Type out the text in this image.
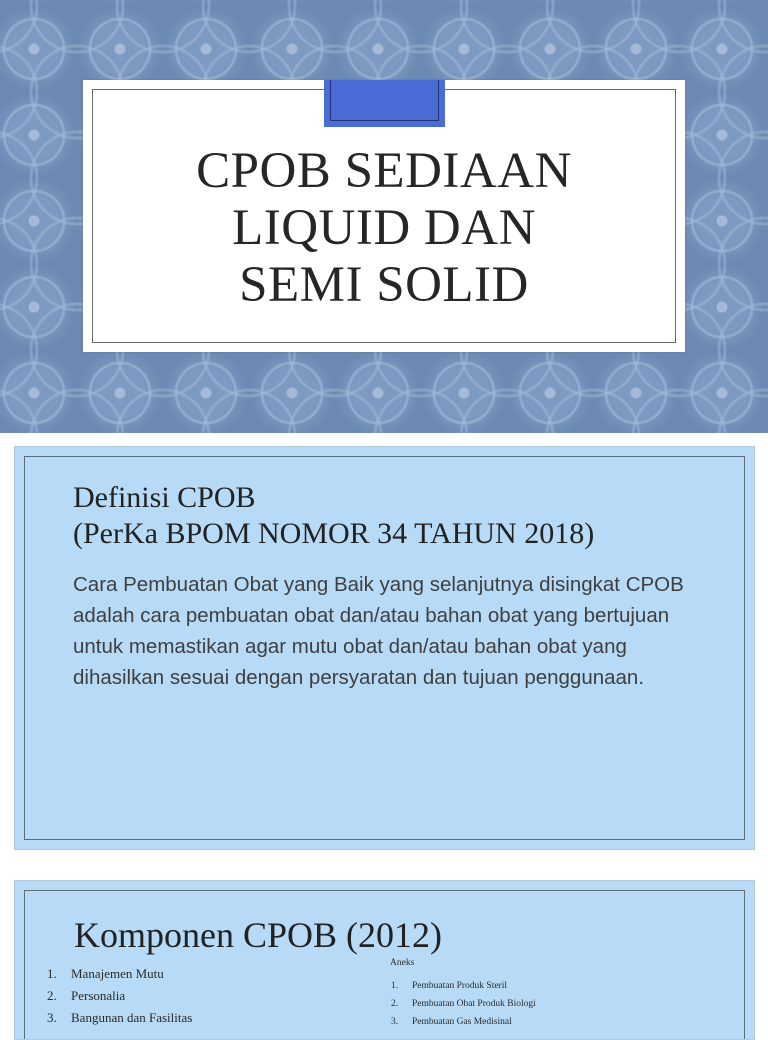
CPOB SEDIAAN
LIQUID DAN
SEMI SOLID
Definisi CPOB
(PerKa BPOM NOMOR 34 TAHUN 2018)

Cara Pembuatan Obat yang Baik yang selanjutnya disingkat CPOB adalah cara pembuatan obat dan/atau bahan obat yang bertujuan untuk memastikan agar mutu obat dan/atau bahan obat yang dihasilkan sesuai dengan persyaratan dan tujuan penggunaan.

Komponen CPOB (2012)
1. Manajemen Mutu
2. Personalia
3. Bangunan dan Fasilitas
Aneks
1. Pembuatan Produk Steril
2. Pembuatan Obat Produk Biologi
3. Pembuatan Gas Medisinal
